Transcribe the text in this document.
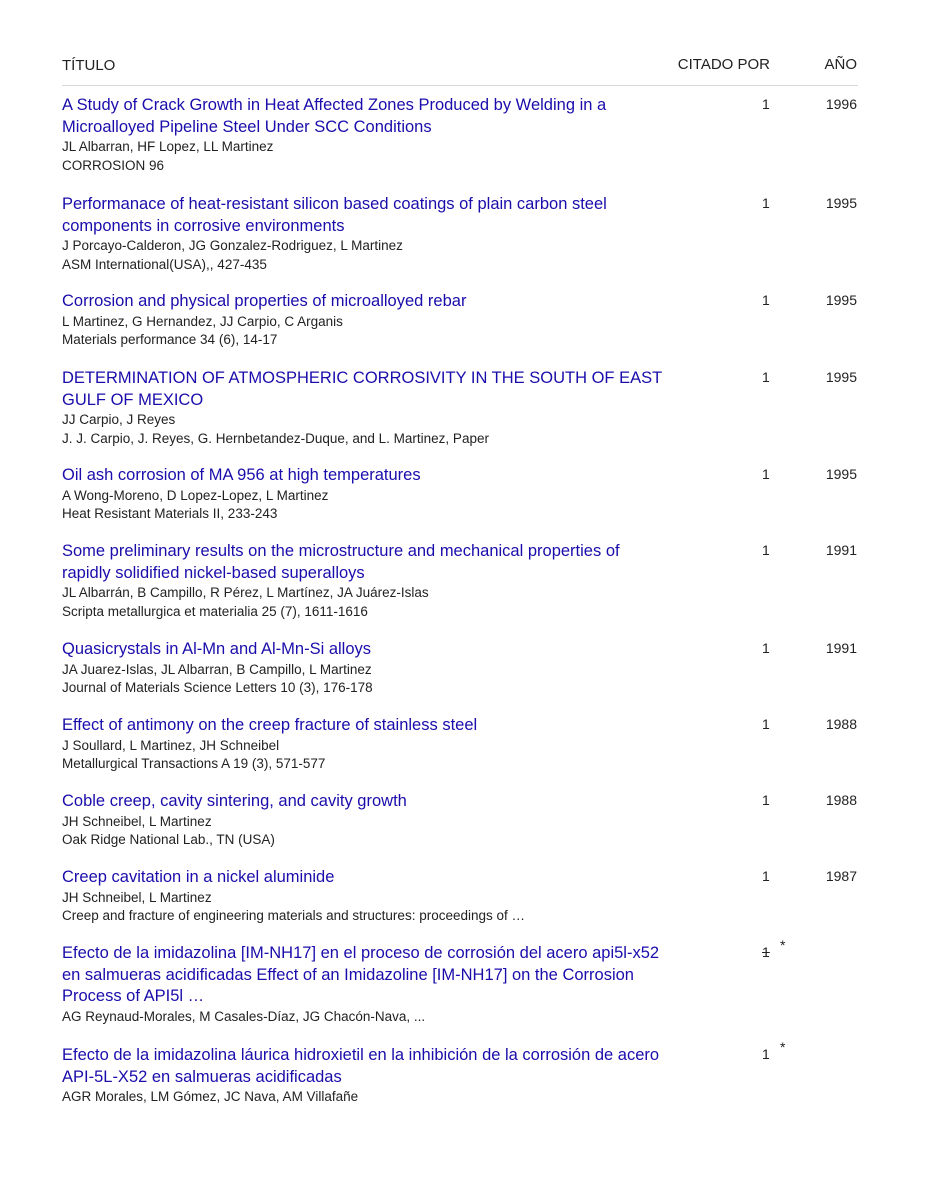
TÍTULO	CITADO POR	AÑO
A Study of Crack Growth in Heat Affected Zones Produced by Welding in a Microalloyed Pipeline Steel Under SCC Conditions
JL Albarran, HF Lopez, LL Martinez
CORROSION 96
1	1996
Performanace of heat-resistant silicon based coatings of plain carbon steel components in corrosive environments
J Porcayo-Calderon, JG Gonzalez-Rodriguez, L Martinez
ASM International(USA),, 427-435
1	1995
Corrosion and physical properties of microalloyed rebar
L Martinez, G Hernandez, JJ Carpio, C Arganis
Materials performance 34 (6), 14-17
1	1995
DETERMINATION OF ATMOSPHERIC CORROSIVITY IN THE SOUTH OF EAST GULF OF MEXICO
JJ Carpio, J Reyes
J. J. Carpio, J. Reyes, G. Hernbetandez-Duque, and L. Martinez, Paper
1	1995
Oil ash corrosion of MA 956 at high temperatures
A Wong-Moreno, D Lopez-Lopez, L Martinez
Heat Resistant Materials II, 233-243
1	1995
Some preliminary results on the microstructure and mechanical properties of rapidly solidified nickel-based superalloys
JL Albarrán, B Campillo, R Pérez, L Martínez, JA Juárez-Islas
Scripta metallurgica et materialia 25 (7), 1611-1616
1	1991
Quasicrystals in Al-Mn and Al-Mn-Si alloys
JA Juarez-Islas, JL Albarran, B Campillo, L Martinez
Journal of Materials Science Letters 10 (3), 176-178
1	1991
Effect of antimony on the creep fracture of stainless steel
J Soullard, L Martinez, JH Schneibel
Metallurgical Transactions A 19 (3), 571-577
1	1988
Coble creep, cavity sintering, and cavity growth
JH Schneibel, L Martinez
Oak Ridge National Lab., TN (USA)
1	1988
Creep cavitation in a nickel aluminide
JH Schneibel, L Martinez
Creep and fracture of engineering materials and structures: proceedings of …
1	1987
Efecto de la imidazolina [IM-NH17] en el proceso de corrosión del acero api5l-x52 en salmueras acidificadas Effect of an Imidazoline [IM-NH17] on the Corrosion Process of API5l …
AG Reynaud-Morales, M Casales-Díaz, JG Chacón-Nava, ...
1 *
Efecto de la imidazolina láurica hidroxietil en la inhibición de la corrosión de acero API-5L-X52 en salmueras acidificadas
AGR Morales, LM Gómez, JC Nava, AM Villafañe
1 *
